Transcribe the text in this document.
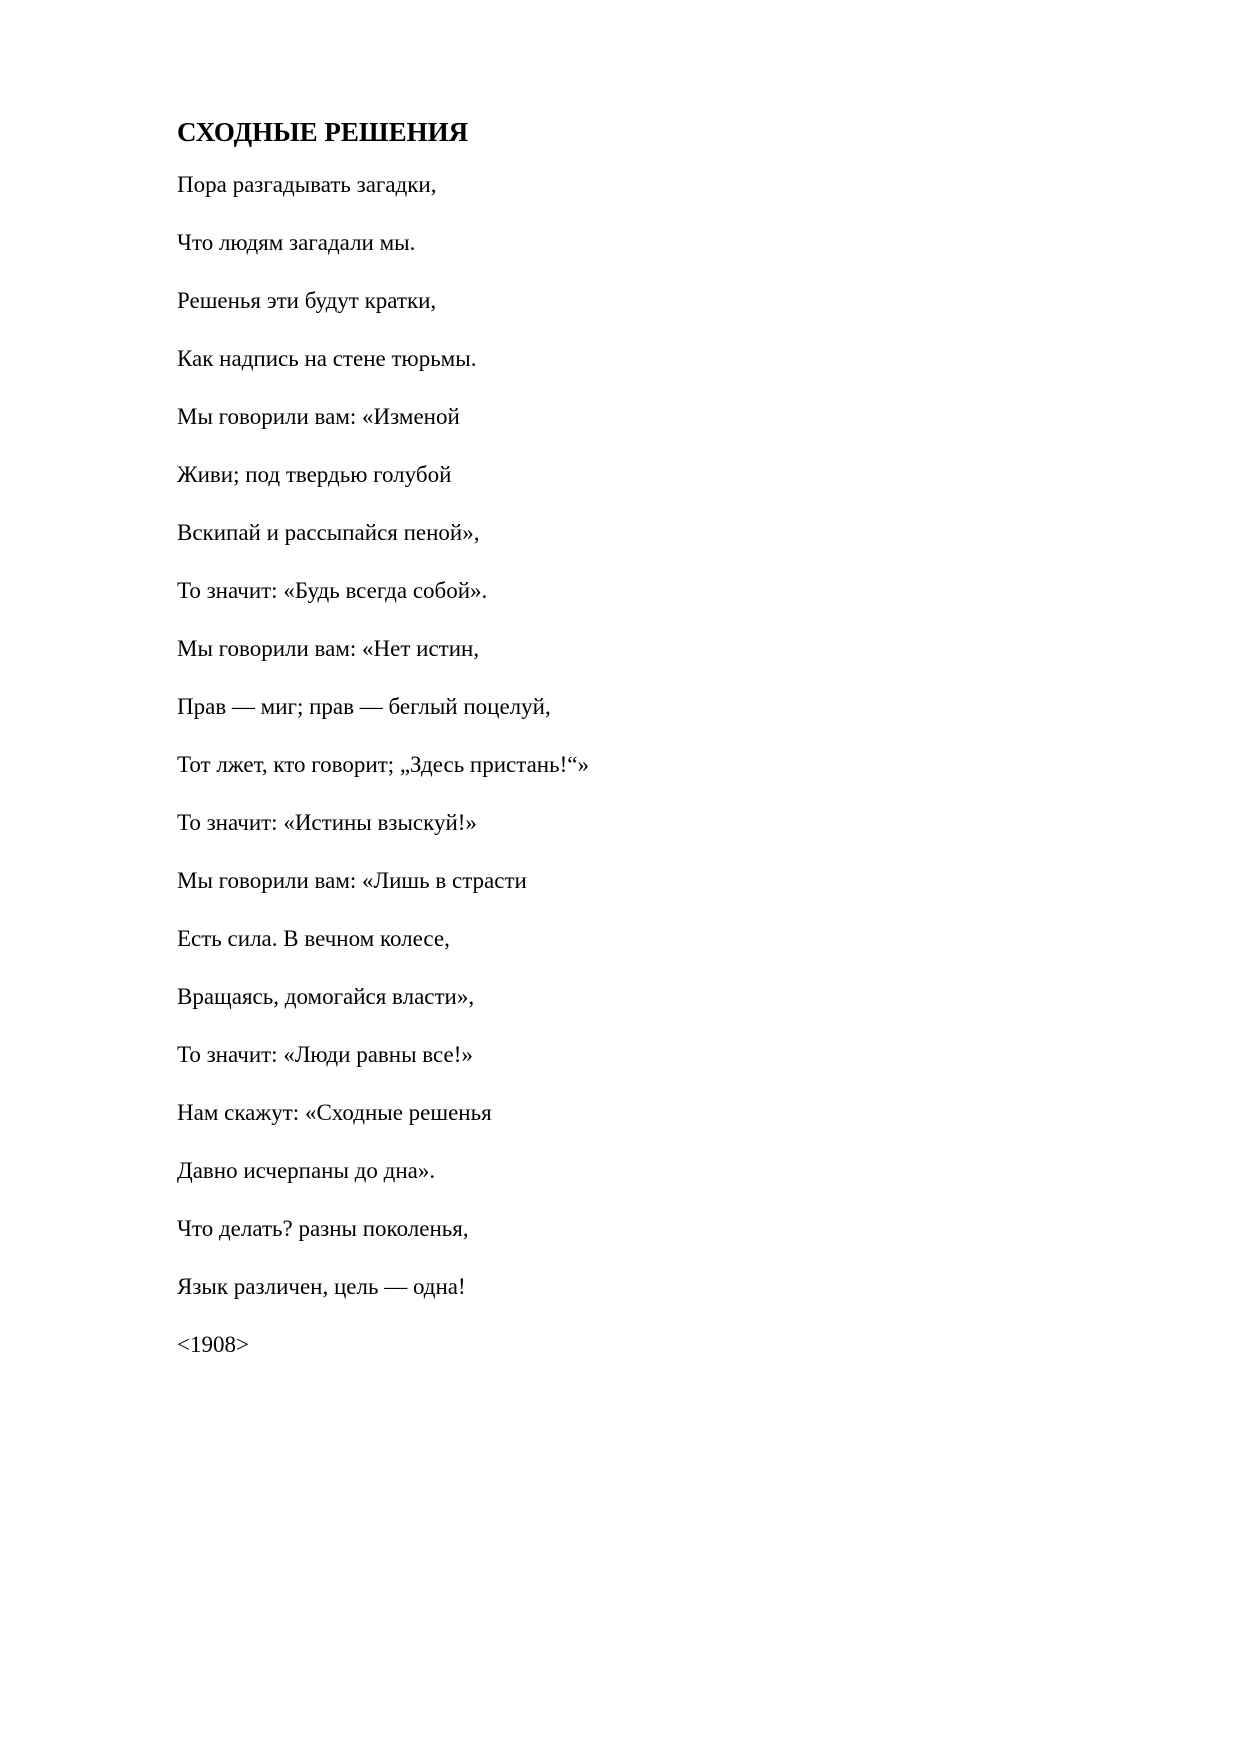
СХОДНЫЕ РЕШЕНИЯ
Пора разгадывать загадки,
Что людям загадали мы.
Решенья эти будут кратки,
Как надпись на стене тюрьмы.
Мы говорили вам: «Изменой
Живи; под твердью голубой
Вскипай и рассыпайся пеной»,
То значит: «Будь всегда собой».
Мы говорили вам: «Нет истин,
Прав — миг; прав — беглый поцелуй,
Тот лжет, кто говорит; „Здесь пристань!“»
То значит: «Истины взыскуй!»
Мы говорили вам: «Лишь в страсти
Есть сила. В вечном колесе,
Вращаясь, домогайся власти»,
То значит: «Люди равны все!»
Нам скажут: «Сходные решенья
Давно исчерпаны до дна».
Что делать? разны поколенья,
Язык различен, цель — одна!
<1908>
